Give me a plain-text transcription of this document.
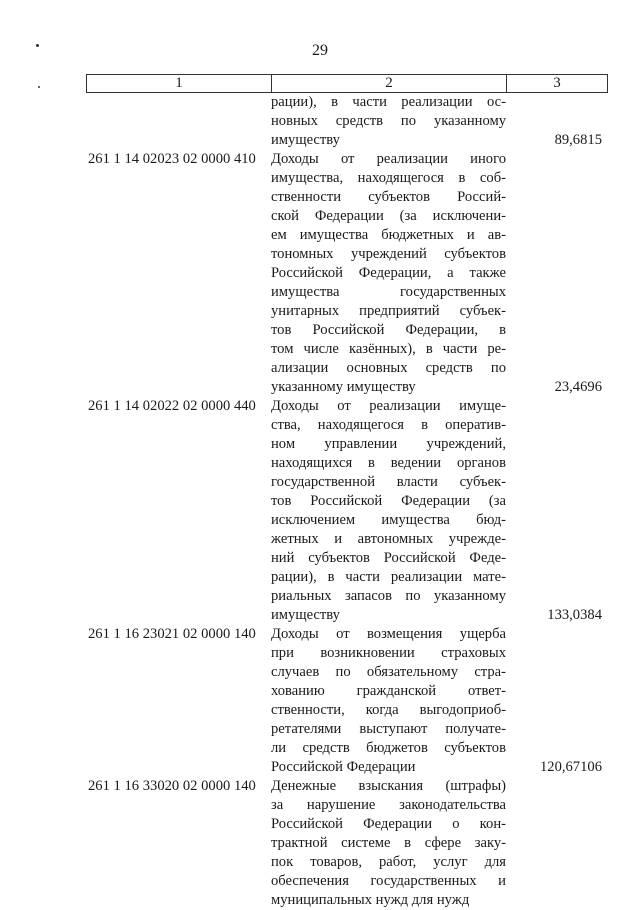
29
1	2	3
рации), в части реализации ос-
новных средств по указанному
имуществу	89,6815
261 1 14 02023 02 0000 410	Доходы от реализации иного
имущества, находящегося в соб-
ственности субъектов Россий-
ской Федерации (за исключени-
ем имущества бюджетных и ав-
тономных учреждений субъектов
Российской Федерации, а также
имущества государственных
унитарных предприятий субъек-
тов Российской Федерации, в
том числе казённых), в части ре-
ализации основных средств по
указанному имуществу	23,4696
261 1 14 02022 02 0000 440	Доходы от реализации имуще-
ства, находящегося в оператив-
ном управлении учреждений,
находящихся в ведении органов
государственной власти субъек-
тов Российской Федерации (за
исключением имущества бюд-
жетных и автономных учрежде-
ний субъектов Российской Феде-
рации), в части реализации мате-
риальных запасов по указанному
имуществу	133,0384
261 1 16 23021 02 0000 140	Доходы от возмещения ущерба
при возникновении страховых
случаев по обязательному стра-
хованию гражданской ответ-
ственности, когда выгодоприоб-
ретателями выступают получате-
ли средств бюджетов субъектов
Российской Федерации	120,67106
261 1 16 33020 02 0000 140	Денежные взыскания (штрафы)
за нарушение законодательства
Российской Федерации о кон-
трактной системе в сфере заку-
пок товаров, работ, услуг для
обеспечения государственных и
муниципальных нужд для нужд
